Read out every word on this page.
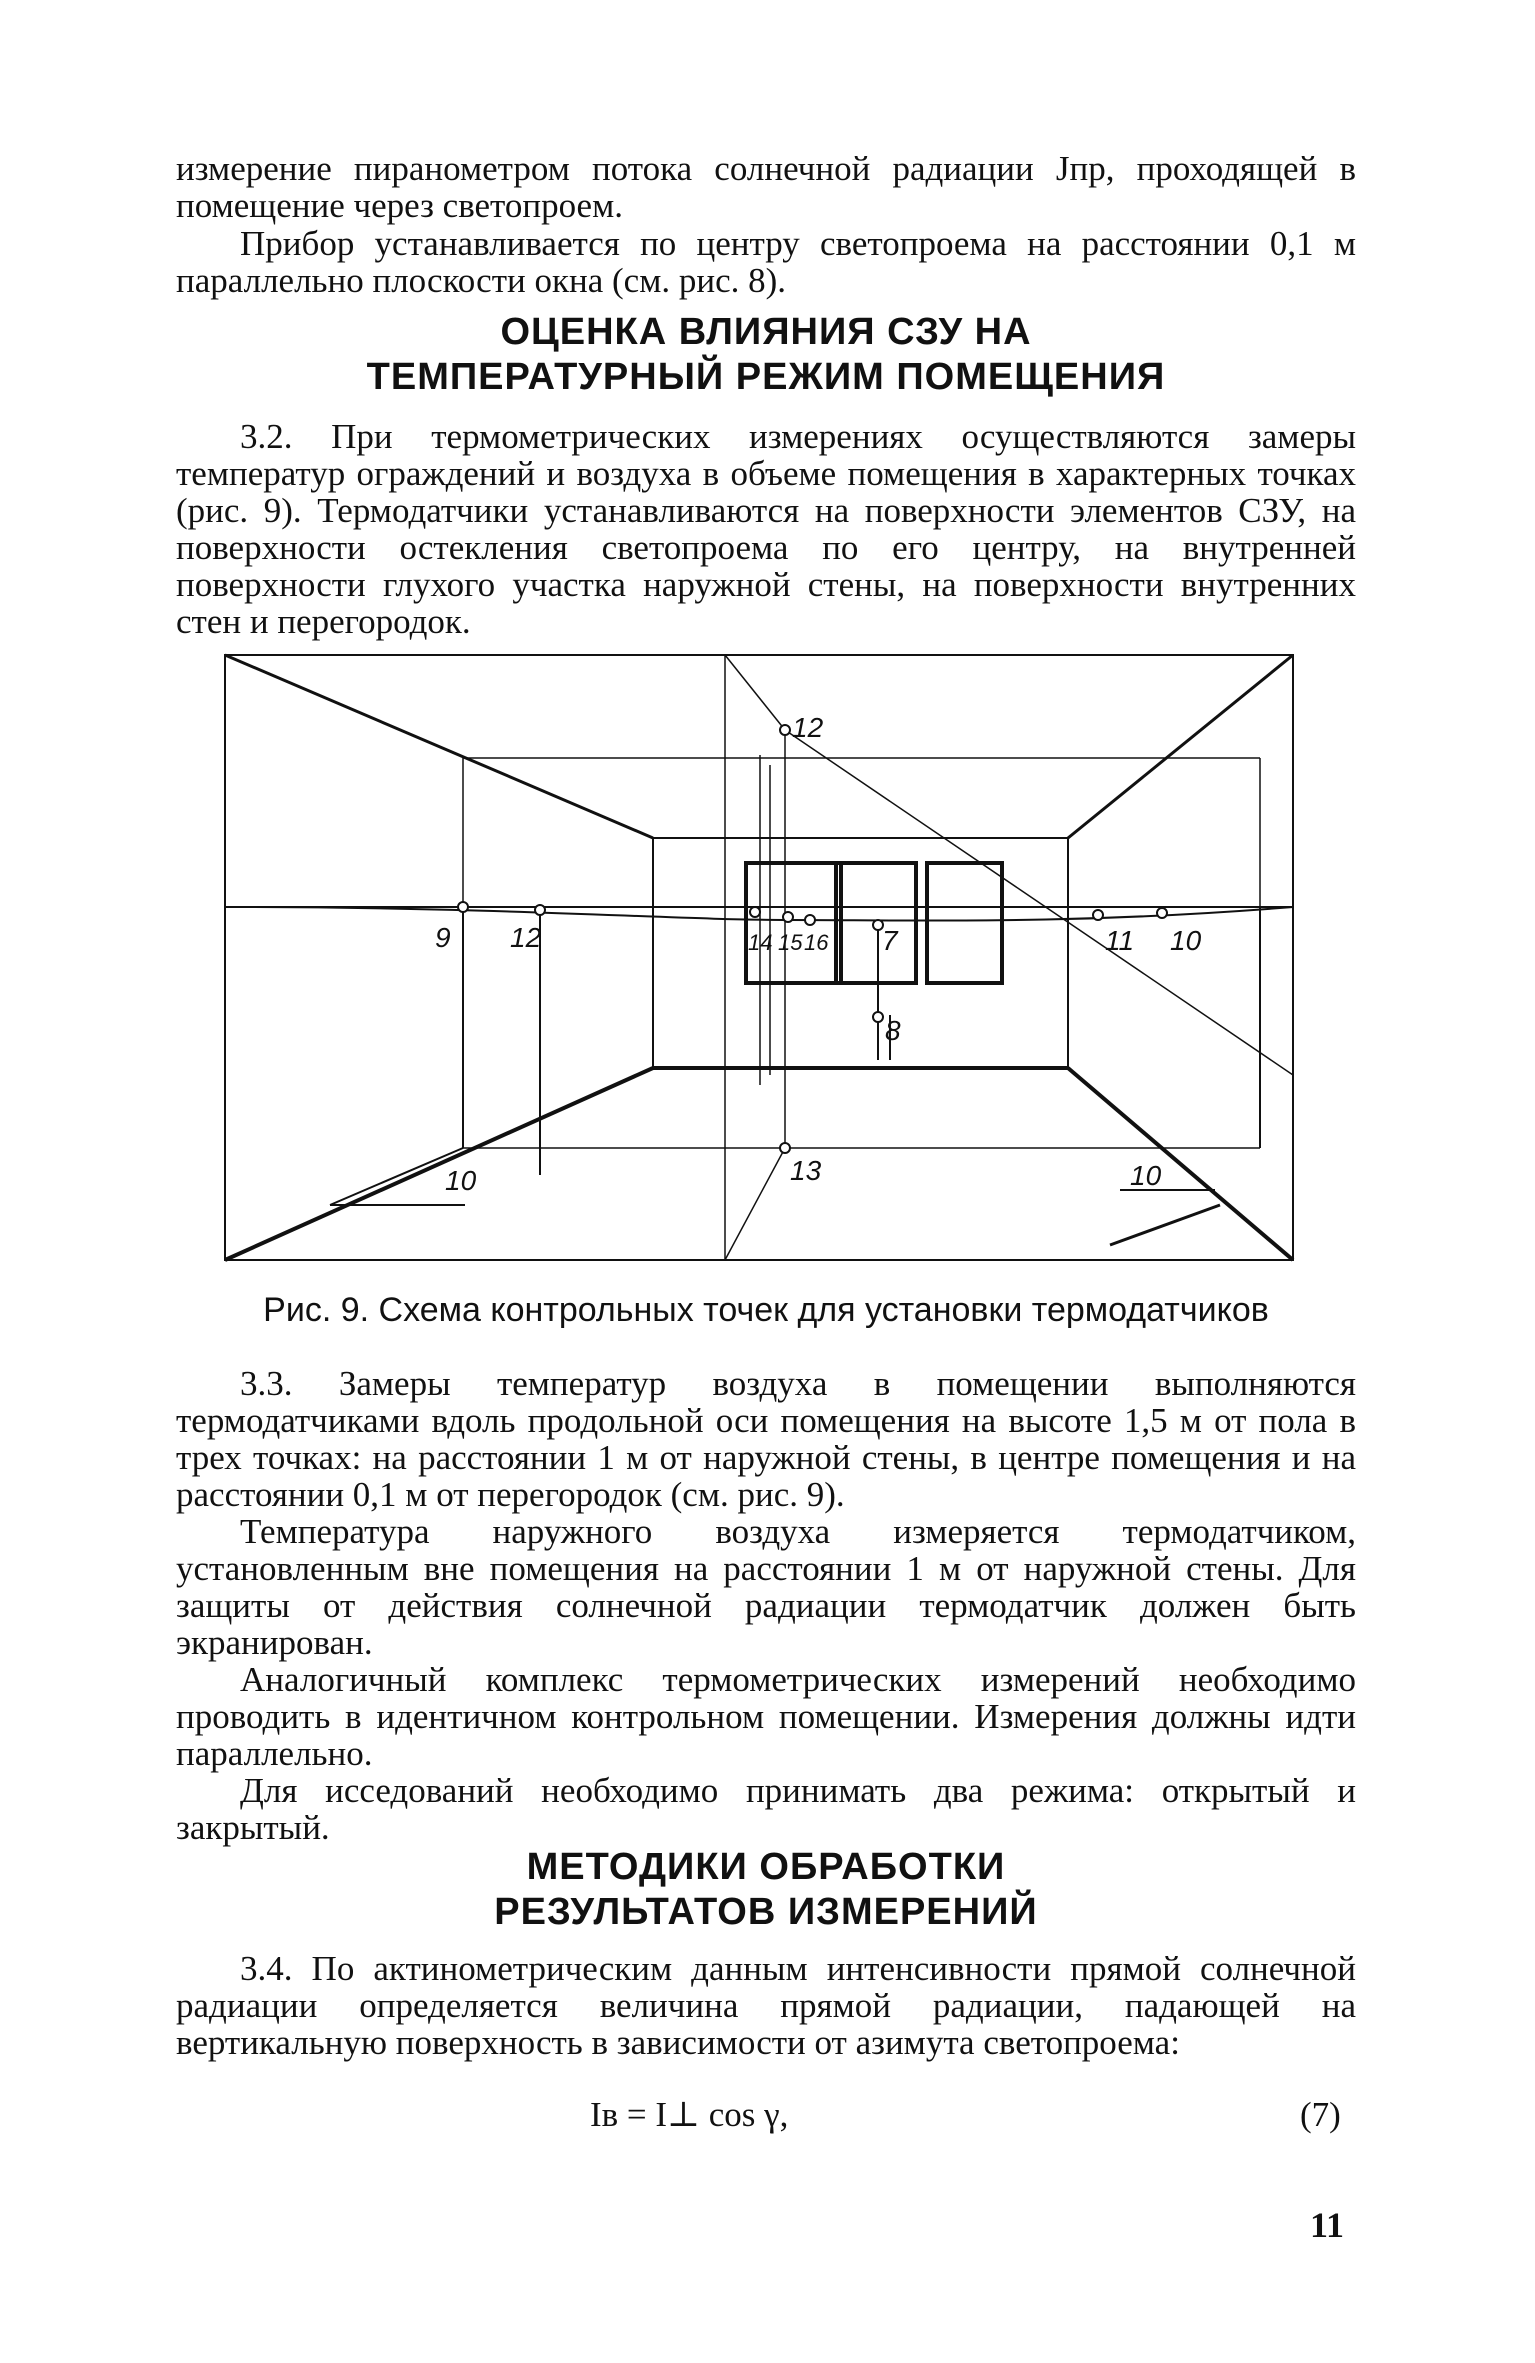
измерение пиранометром потока солнечной радиации Jпр, проходящей в помещение через светопроем.

Прибор устанавливается по центру светопроема на расстоянии 0,1 м параллельно плоскости окна (см. рис. 8).

ОЦЕНКА ВЛИЯНИЯ СЗУ НА
ТЕМПЕРАТУРНЫЙ РЕЖИМ ПОМЕЩЕНИЯ

3.2. При термометрических измерениях осуществляются замеры температур ограждений и воздуха в объеме помещения в характерных точках (рис. 9). Термодатчики устанавливаются на поверхности элементов СЗУ, на поверхности остекления светопроема по его центру, на внутренней поверхности глухого участка наружной стены, на поверхности внутренних стен и перегородок.

12
9 12	14 15 16 7
8
11 10
10	13	10

Рис. 9. Схема контрольных точек для установки термодатчиков

3.3. Замеры температур воздуха в помещении выполняются термодатчиками вдоль продольной оси помещения на высоте 1,5 м от пола в трех точках: на расстоянии 1 м от наружной стены, в центре помещения и на расстоянии 0,1 м от перегородок (см. рис. 9).

Температура наружного воздуха измеряется термодатчиком, установленным вне помещения на расстоянии 1 м от наружной стены. Для защиты от действия солнечной радиации термодатчик должен быть экранирован.

Аналогичный комплекс термометрических измерений необходимо проводить в идентичном контрольном помещении. Измерения должны идти параллельно.

Для исседований необходимо принимать два режима: открытый и закрытый.

МЕТОДИКИ ОБРАБОТКИ
РЕЗУЛЬТАТОВ ИЗМЕРЕНИЙ

3.4. По актинометрическим данным интенсивности прямой солнечной радиации определяется величина прямой радиации, падающей на вертикальную поверхность в зависимости от азимута светопроема:

Iв = I⊥ cos γ,	(7)
11
